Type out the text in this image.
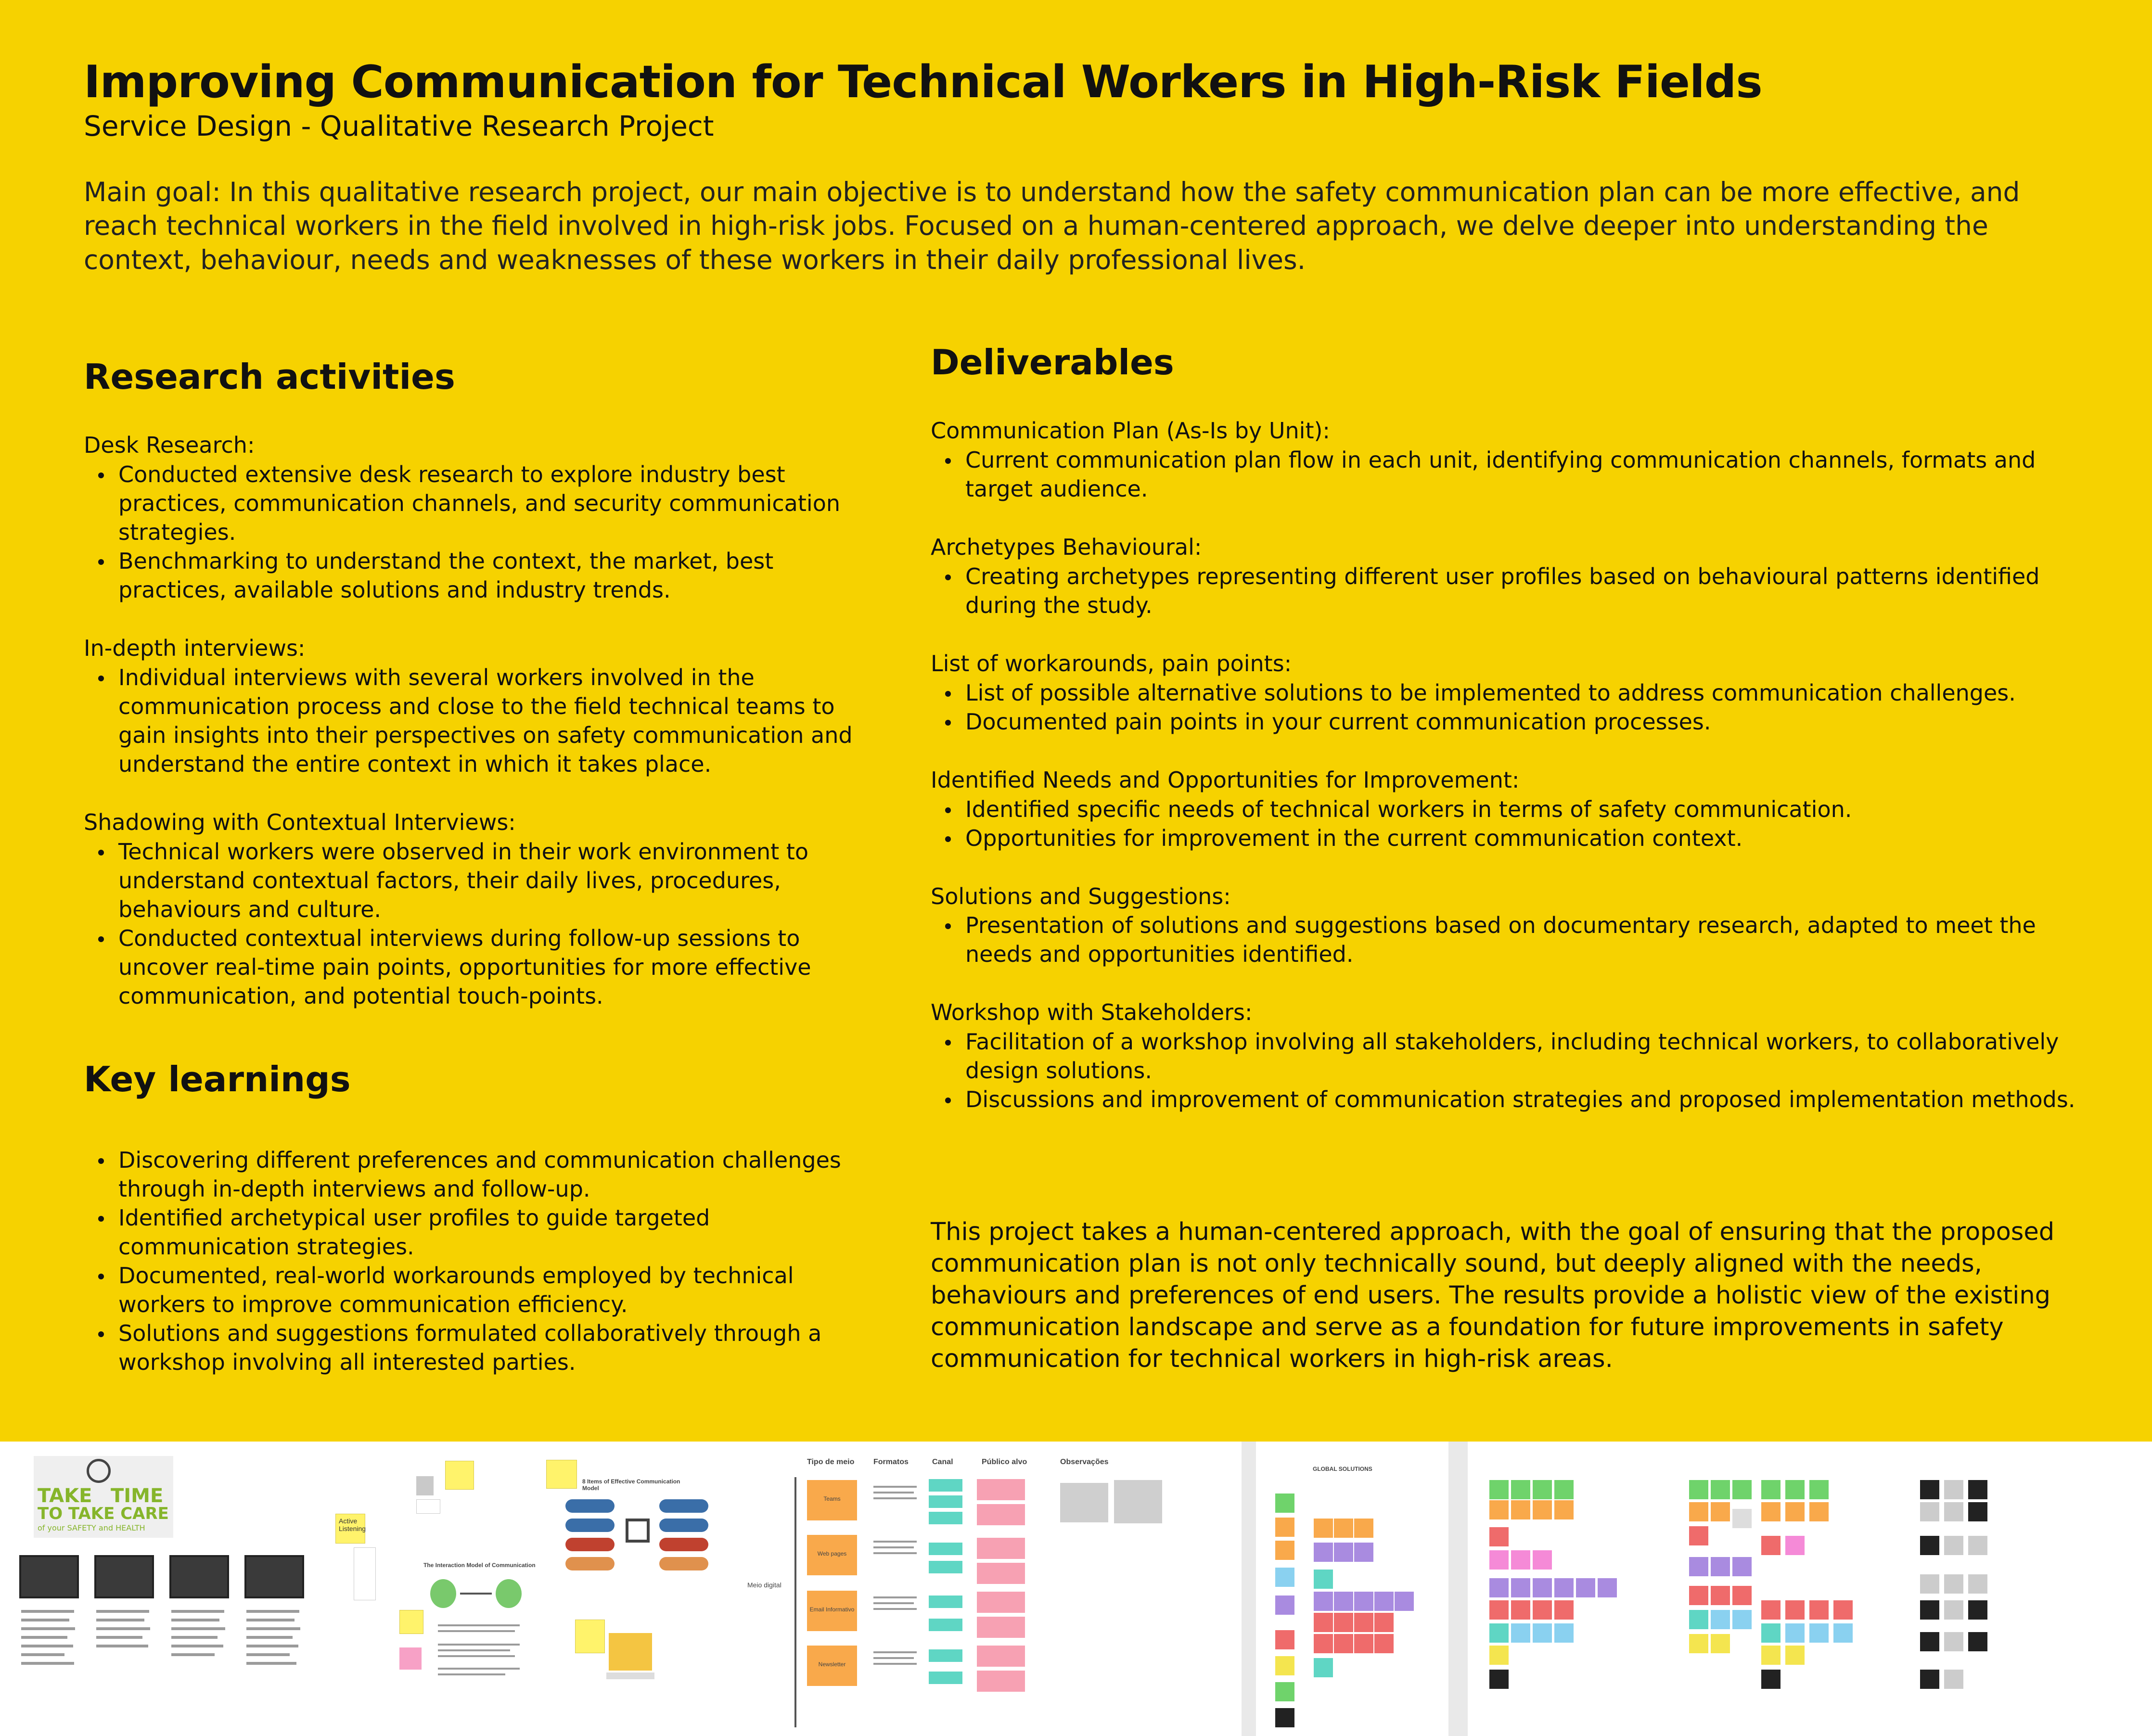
Improving Communication for Technical Workers in High-Risk Fields
Service Design - Qualitative Research Project

Main goal: In this qualitative research project, our main objective is to understand how the safety communication plan can be more effective, and reach technical workers in the field involved in high-risk jobs. Focused on a human-centered approach, we delve deeper into understanding the context, behaviour, needs and weaknesses of these workers in their daily professional lives.

Research activities
Desk Research:
Conducted extensive desk research to explore industry best practices, communication channels, and security communication strategies.
Benchmarking to understand the context, the market, best practices, available solutions and industry trends.
In-depth interviews:
Individual interviews with several workers involved in the communication process and close to the field technical teams to gain insights into their perspectives on safety communication and understand the entire context in which it takes place.
Shadowing with Contextual Interviews:
Technical workers were observed in their work environment to understand contextual factors, their daily lives, procedures, behaviours and culture.
Conducted contextual interviews during follow-up sessions to uncover real-time pain points, opportunities for more effective communication, and potential touch-points.
Key learnings
Discovering different preferences and communication challenges through in-depth interviews and follow-up.
Identified archetypical user profiles to guide targeted communication strategies.
Documented, real-world workarounds employed by technical workers to improve communication efficiency.
Solutions and suggestions formulated collaboratively through a workshop involving all interested parties.
Deliverables
Communication Plan (As-Is by Unit):
Current communication plan flow in each unit, identifying communication channels, formats and target audience.
Archetypes Behavioural:
Creating archetypes representing different user profiles based on behavioural patterns identified during the study.
List of workarounds, pain points:
List of possible alternative solutions to be implemented to address communication challenges.
Documented pain points in your current communication processes.
Identified Needs and Opportunities for Improvement:
Identified specific needs of technical workers in terms of safety communication.
Opportunities for improvement in the current communication context.
Solutions and Suggestions:
Presentation of solutions and suggestions based on documentary research, adapted to meet the needs and opportunities identified.
Workshop with Stakeholders:
Facilitation of a workshop involving all stakeholders, including technical workers, to collaboratively design solutions.
Discussions and improvement of communication strategies and proposed implementation methods.

This project takes a human-centered approach, with the goal of ensuring that the proposed communication plan is not only technically sound, but deeply aligned with the needs, behaviours and preferences of end users. The results provide a holistic view of the existing communication landscape and serve as a foundation for future improvements in safety communication for technical workers in high-risk areas.

TAKE TIME
TO TAKE CARE
of your SAFETY and HEALTH
Active Listening
The Interaction Model of Communication
8 Items of Effective Communication Model
Tipo de meio Formatos	Canal	Público alvo	Observações
Meio digital
Teams
Web pages
Email Informativo
Newsletter
GLOBAL SOLUTIONS
